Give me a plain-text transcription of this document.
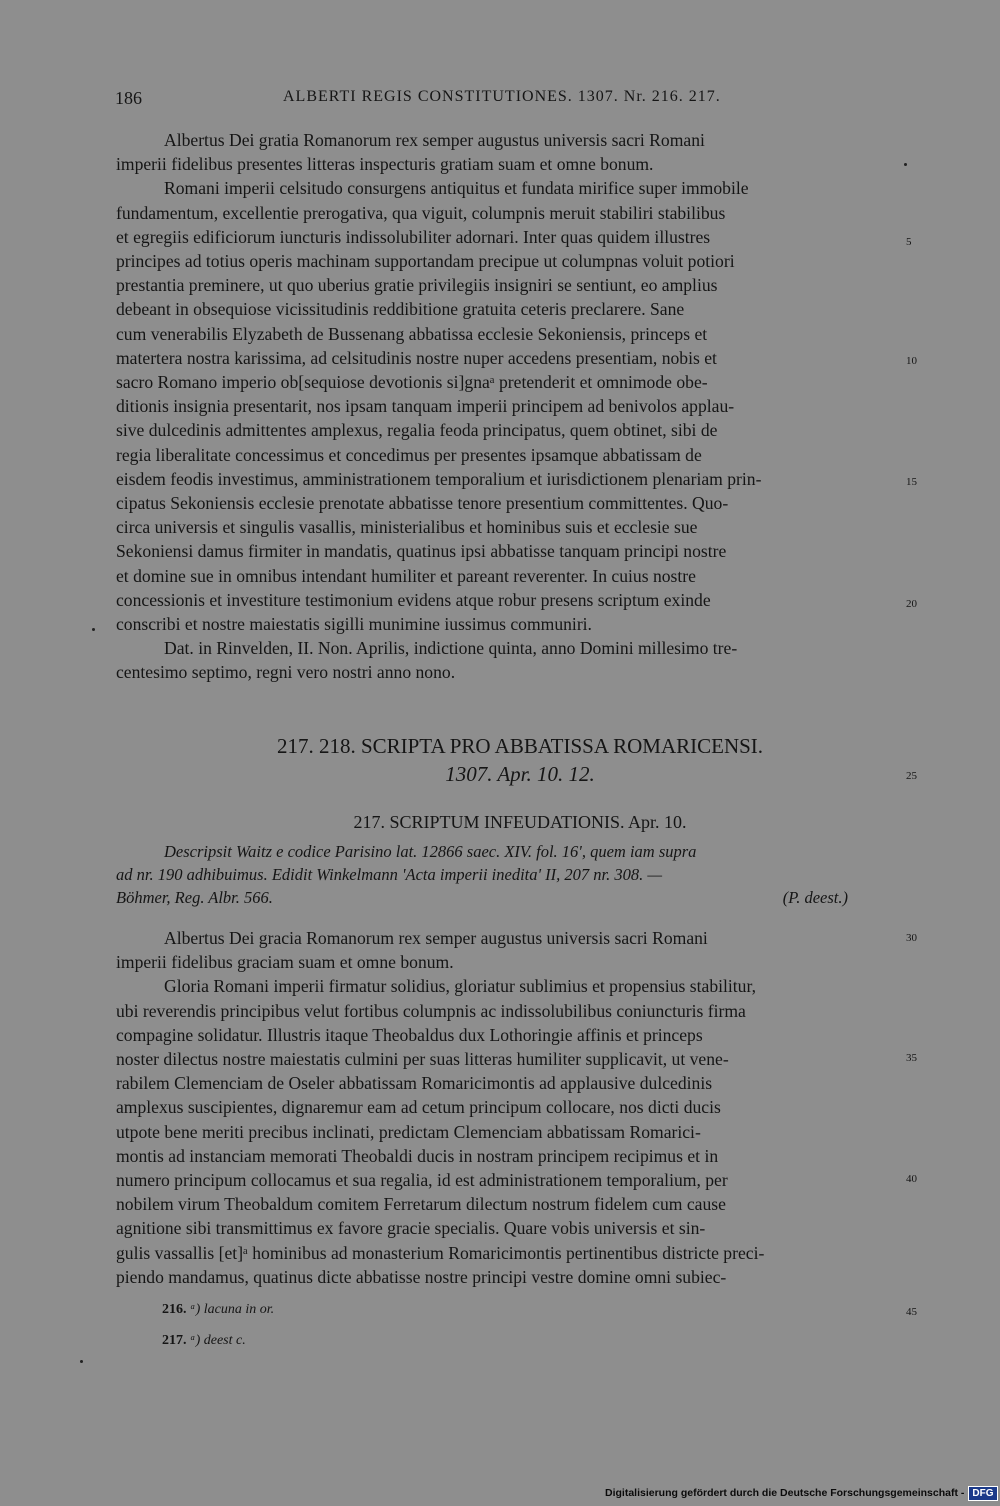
186	ALBERTI REGIS CONSTITUTIONES. 1307. Nr. 216. 217.
Albertus Dei gratia Romanorum rex semper augustus universis sacri Romani
imperii fidelibus presentes litteras inspecturis gratiam suam et omne bonum.
Romani imperii celsitudo consurgens antiquitus et fundata mirifice super immobile
fundamentum, excellentie prerogativa, qua viguit, columpnis meruit stabiliri stabilibus
et egregiis edificiorum iuncturis indissolubiliter adornari. Inter quas quidem illustres
principes ad totius operis machinam supportandam precipue ut columpnas voluit potiori
prestantia preminere, ut quo uberius gratie privilegiis insigniri se sentiunt, eo amplius
debeant in obsequiose vicissitudinis reddibitione gratuita ceteris preclarere. Sane
cum venerabilis Elyzabeth de Bussenang abbatissa ecclesie Sekoniensis, princeps et
matertera nostra karissima, ad celsitudinis nostre nuper accedens presentiam, nobis et
sacro Romano imperio ob[sequiose devotionis si]gnaᵃ pretenderit et omnimode obe-
ditionis insignia presentarit, nos ipsam tanquam imperii principem ad benivolos applau-
sive dulcedinis admittentes amplexus, regalia feoda principatus, quem obtinet, sibi de
regia liberalitate concessimus et concedimus per presentes ipsamque abbatissam de
eisdem feodis investimus, amministrationem temporalium et iurisdictionem plenariam prin-
cipatus Sekoniensis ecclesie prenotate abbatisse tenore presentium committentes. Quo-
circa universis et singulis vasallis, ministerialibus et hominibus suis et ecclesie sue
Sekoniensi damus firmiter in mandatis, quatinus ipsi abbatisse tanquam principi nostre
et domine sue in omnibus intendant humiliter et pareant reverenter. In cuius nostre
concessionis et investiture testimonium evidens atque robur presens scriptum exinde
conscribi et nostre maiestatis sigilli munimine iussimus communiri.
Dat. in Rinvelden, II. Non. Aprilis, indictione quinta, anno Domini millesimo tre-
centesimo septimo, regni vero nostri anno nono.
217. 218. SCRIPTA PRO ABBATISSA ROMARICENSI.
1307. Apr. 10. 12.
217. SCRIPTUM INFEUDATIONIS. Apr. 10.
Descripsit Waitz e codice Parisino lat. 12866 saec. XIV. fol. 16', quem iam supra
ad nr. 190 adhibuimus. Edidit Winkelmann 'Acta imperii inedita' II, 207 nr. 308. —
Böhmer, Reg. Albr. 566.	(P. deest.)
Albertus Dei gracia Romanorum rex semper augustus universis sacri Romani
imperii fidelibus graciam suam et omne bonum.
Gloria Romani imperii firmatur solidius, gloriatur sublimius et propensius stabilitur,
ubi reverendis principibus velut fortibus columpnis ac indissolubilibus coniuncturis firma
compagine solidatur. Illustris itaque Theobaldus dux Lothoringie affinis et princeps
noster dilectus nostre maiestatis culmini per suas litteras humiliter supplicavit, ut vene-
rabilem Clemenciam de Oseler abbatissam Romaricimontis ad applausive dulcedinis
amplexus suscipientes, dignaremur eam ad cetum principum collocare, nos dicti ducis
utpote bene meriti precibus inclinati, predictam Clemenciam abbatissam Romarici-
montis ad instanciam memorati Theobaldi ducis in nostram principem recipimus et in
numero principum collocamus et sua regalia, id est administrationem temporalium, per
nobilem virum Theobaldum comitem Ferretarum dilectum nostrum fidelem cum cause
agnitione sibi transmittimus ex favore gracie specialis. Quare vobis universis et sin-
gulis vassallis [et]ᵃ hominibus ad monasterium Romaricimontis pertinentibus districte preci-
piendo mandamus, quatinus dicte abbatisse nostre principi vestre domine omni subiec-
216. ᵃ) lacuna in or.
217. ᵃ) deest c.
5
10
15
20
25
30
35
40
45
Digitalisierung gefördert durch die Deutsche Forschungsgemeinschaft - DFG
